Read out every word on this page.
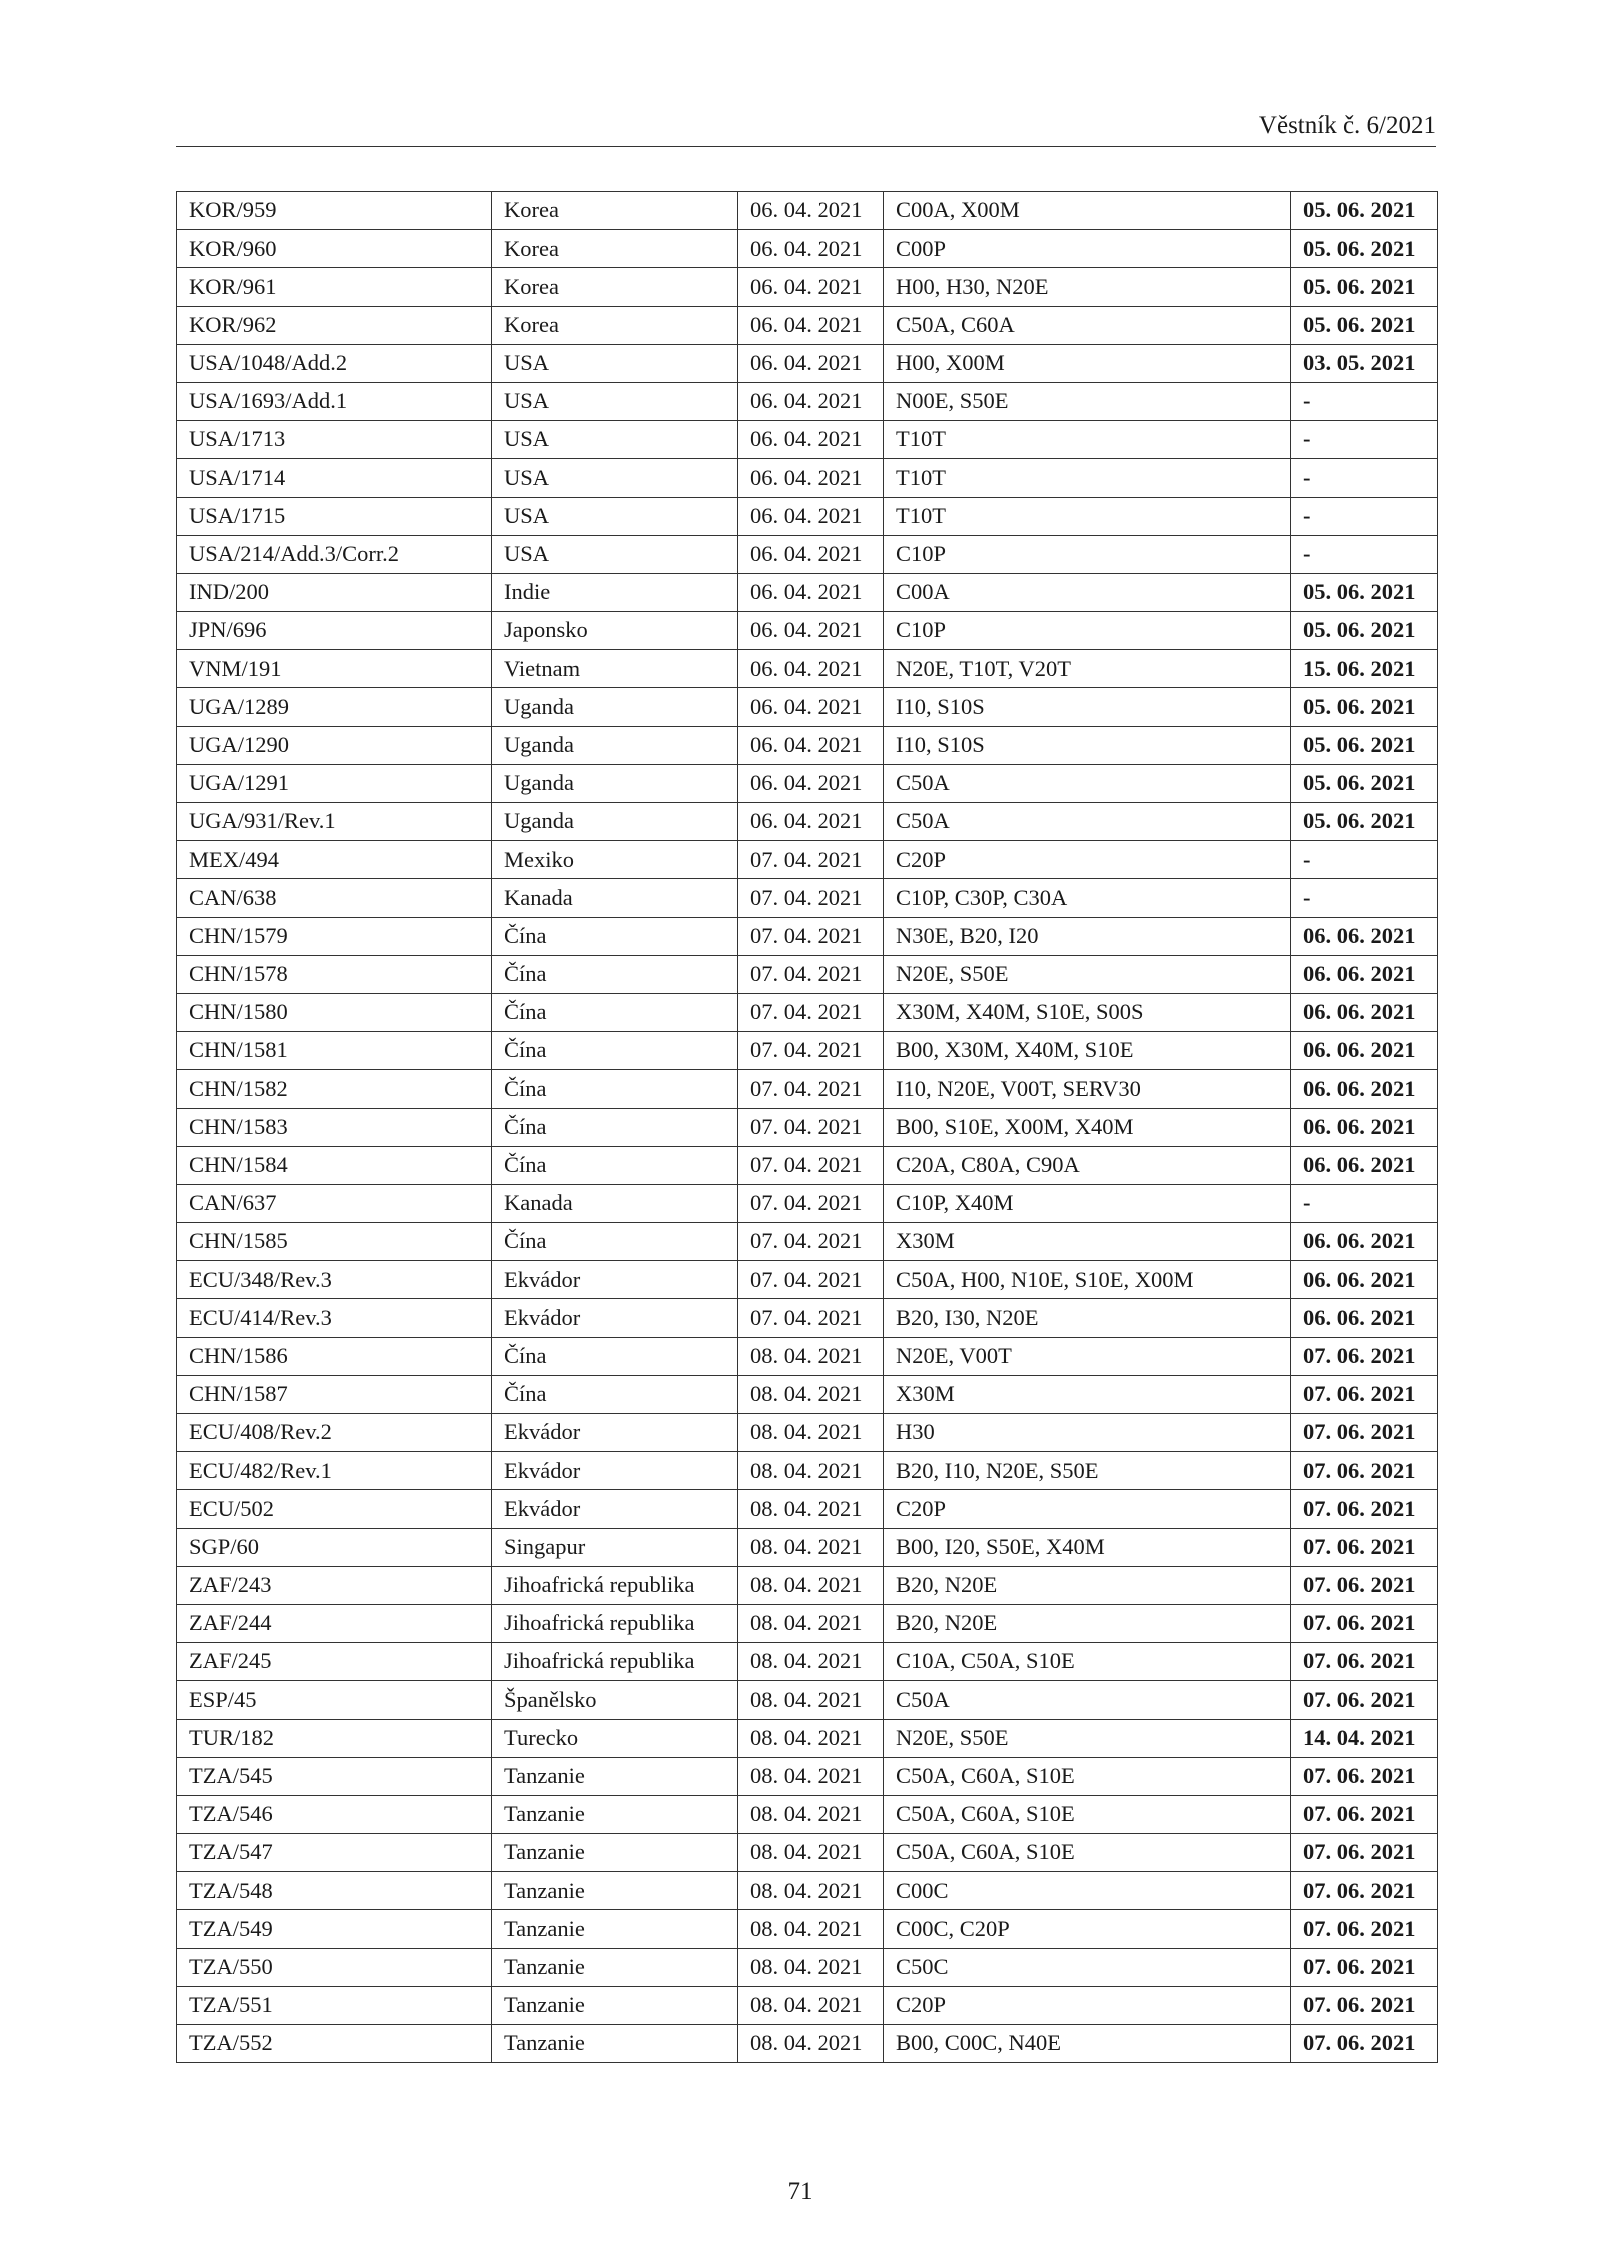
Věstník č. 6/2021
KOR/959	Korea	06. 04. 2021	C00A, X00M	05. 06. 2021
KOR/960	Korea	06. 04. 2021	C00P	05. 06. 2021
KOR/961	Korea	06. 04. 2021	H00, H30, N20E	05. 06. 2021
KOR/962	Korea	06. 04. 2021	C50A, C60A	05. 06. 2021
USA/1048/Add.2	USA	06. 04. 2021	H00, X00M	03. 05. 2021
USA/1693/Add.1	USA	06. 04. 2021	N00E, S50E	-
USA/1713	USA	06. 04. 2021	T10T	-
USA/1714	USA	06. 04. 2021	T10T	-
USA/1715	USA	06. 04. 2021	T10T	-
USA/214/Add.3/Corr.2	USA	06. 04. 2021	C10P	-
IND/200	Indie	06. 04. 2021	C00A	05. 06. 2021
JPN/696	Japonsko	06. 04. 2021	C10P	05. 06. 2021
VNM/191	Vietnam	06. 04. 2021	N20E, T10T, V20T	15. 06. 2021
UGA/1289	Uganda	06. 04. 2021	I10, S10S	05. 06. 2021
UGA/1290	Uganda	06. 04. 2021	I10, S10S	05. 06. 2021
UGA/1291	Uganda	06. 04. 2021	C50A	05. 06. 2021
UGA/931/Rev.1	Uganda	06. 04. 2021	C50A	05. 06. 2021
MEX/494	Mexiko	07. 04. 2021	C20P	-
CAN/638	Kanada	07. 04. 2021	C10P, C30P, C30A	-
CHN/1579	Čína	07. 04. 2021	N30E, B20, I20	06. 06. 2021
CHN/1578	Čína	07. 04. 2021	N20E, S50E	06. 06. 2021
CHN/1580	Čína	07. 04. 2021	X30M, X40M, S10E, S00S	06. 06. 2021
CHN/1581	Čína	07. 04. 2021	B00, X30M, X40M, S10E	06. 06. 2021
CHN/1582	Čína	07. 04. 2021	I10, N20E, V00T, SERV30	06. 06. 2021
CHN/1583	Čína	07. 04. 2021	B00, S10E, X00M, X40M	06. 06. 2021
CHN/1584	Čína	07. 04. 2021	C20A, C80A, C90A	06. 06. 2021
CAN/637	Kanada	07. 04. 2021	C10P, X40M	-
CHN/1585	Čína	07. 04. 2021	X30M	06. 06. 2021
ECU/348/Rev.3	Ekvádor	07. 04. 2021	C50A, H00, N10E, S10E, X00M	06. 06. 2021
ECU/414/Rev.3	Ekvádor	07. 04. 2021	B20, I30, N20E	06. 06. 2021
CHN/1586	Čína	08. 04. 2021	N20E, V00T	07. 06. 2021
CHN/1587	Čína	08. 04. 2021	X30M	07. 06. 2021
ECU/408/Rev.2	Ekvádor	08. 04. 2021	H30	07. 06. 2021
ECU/482/Rev.1	Ekvádor	08. 04. 2021	B20, I10, N20E, S50E	07. 06. 2021
ECU/502	Ekvádor	08. 04. 2021	C20P	07. 06. 2021
SGP/60	Singapur	08. 04. 2021	B00, I20, S50E, X40M	07. 06. 2021
ZAF/243	Jihoafrická republika	08. 04. 2021	B20, N20E	07. 06. 2021
ZAF/244	Jihoafrická republika	08. 04. 2021	B20, N20E	07. 06. 2021
ZAF/245	Jihoafrická republika	08. 04. 2021	C10A, C50A, S10E	07. 06. 2021
ESP/45	Španělsko	08. 04. 2021	C50A	07. 06. 2021
TUR/182	Turecko	08. 04. 2021	N20E, S50E	14. 04. 2021
TZA/545	Tanzanie	08. 04. 2021	C50A, C60A, S10E	07. 06. 2021
TZA/546	Tanzanie	08. 04. 2021	C50A, C60A, S10E	07. 06. 2021
TZA/547	Tanzanie	08. 04. 2021	C50A, C60A, S10E	07. 06. 2021
TZA/548	Tanzanie	08. 04. 2021	C00C	07. 06. 2021
TZA/549	Tanzanie	08. 04. 2021	C00C, C20P	07. 06. 2021
TZA/550	Tanzanie	08. 04. 2021	C50C	07. 06. 2021
TZA/551	Tanzanie	08. 04. 2021	C20P	07. 06. 2021
TZA/552	Tanzanie	08. 04. 2021	B00, C00C, N40E	07. 06. 2021
71
